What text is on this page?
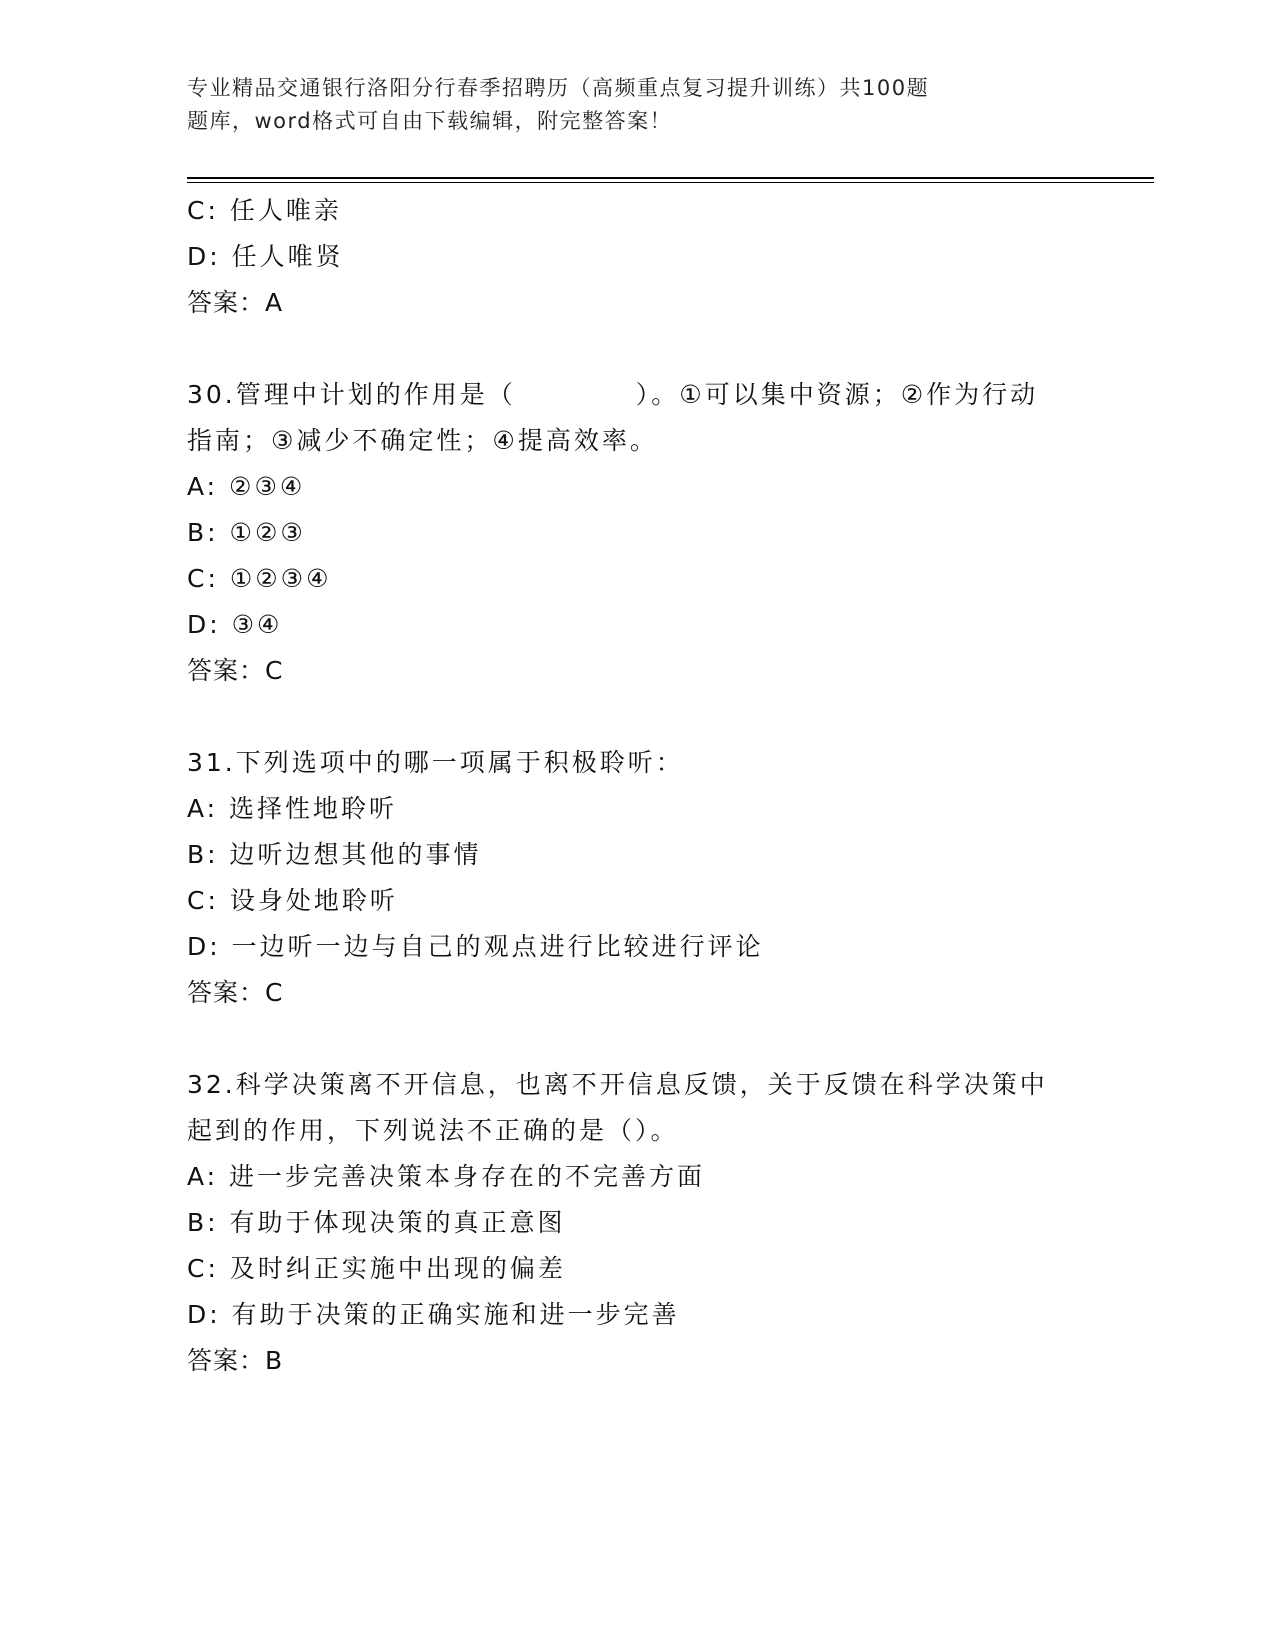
专业精品交通银行洛阳分行春季招聘历（高频重点复习提升训练）共100题
题库，word格式可自由下载编辑，附完整答案！
C: 任人唯亲
D: 任人唯贤
答案：A
30.管理中计划的作用是（	）。①可以集中资源；②作为行动
指南；③减少不确定性；④提高效率。
A: ②③④
B: ①②③
C: ①②③④
D: ③④
答案：C
31.下列选项中的哪一项属于积极聆听：
A: 选择性地聆听
B: 边听边想其他的事情
C: 设身处地聆听
D: 一边听一边与自己的观点进行比较进行评论
答案：C
32.科学决策离不开信息，也离不开信息反馈，关于反馈在科学决策中
起到的作用，下列说法不正确的是（）。
A: 进一步完善决策本身存在的不完善方面
B: 有助于体现决策的真正意图
C: 及时纠正实施中出现的偏差
D: 有助于决策的正确实施和进一步完善
答案：B
